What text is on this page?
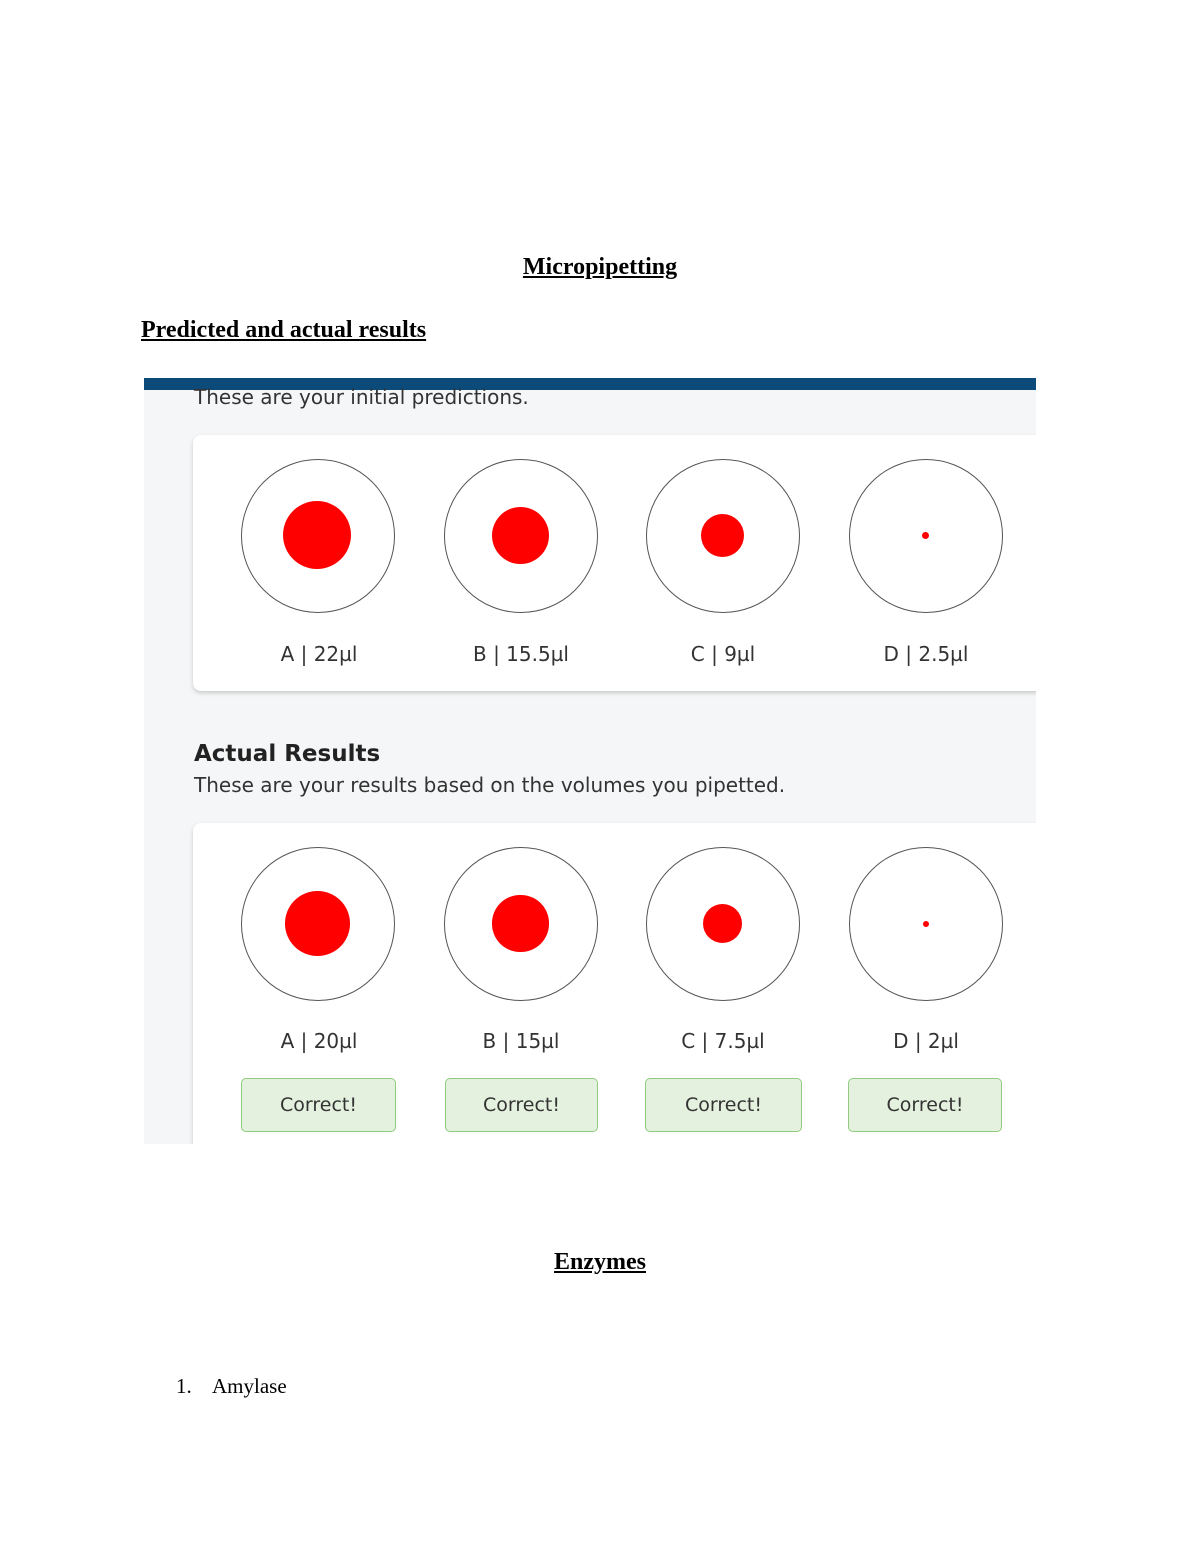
Micropipetting
Predicted and actual results
These are your initial predictions.
A | 22µl	B | 15.5µl	C | 9µl	D | 2.5µl
Actual Results
These are your results based on the volumes you pipetted.
A | 20µl	B | 15µl	C | 7.5µl	D | 2µl
Correct!	Correct!	Correct!	Correct!
Enzymes
1. Amylase
